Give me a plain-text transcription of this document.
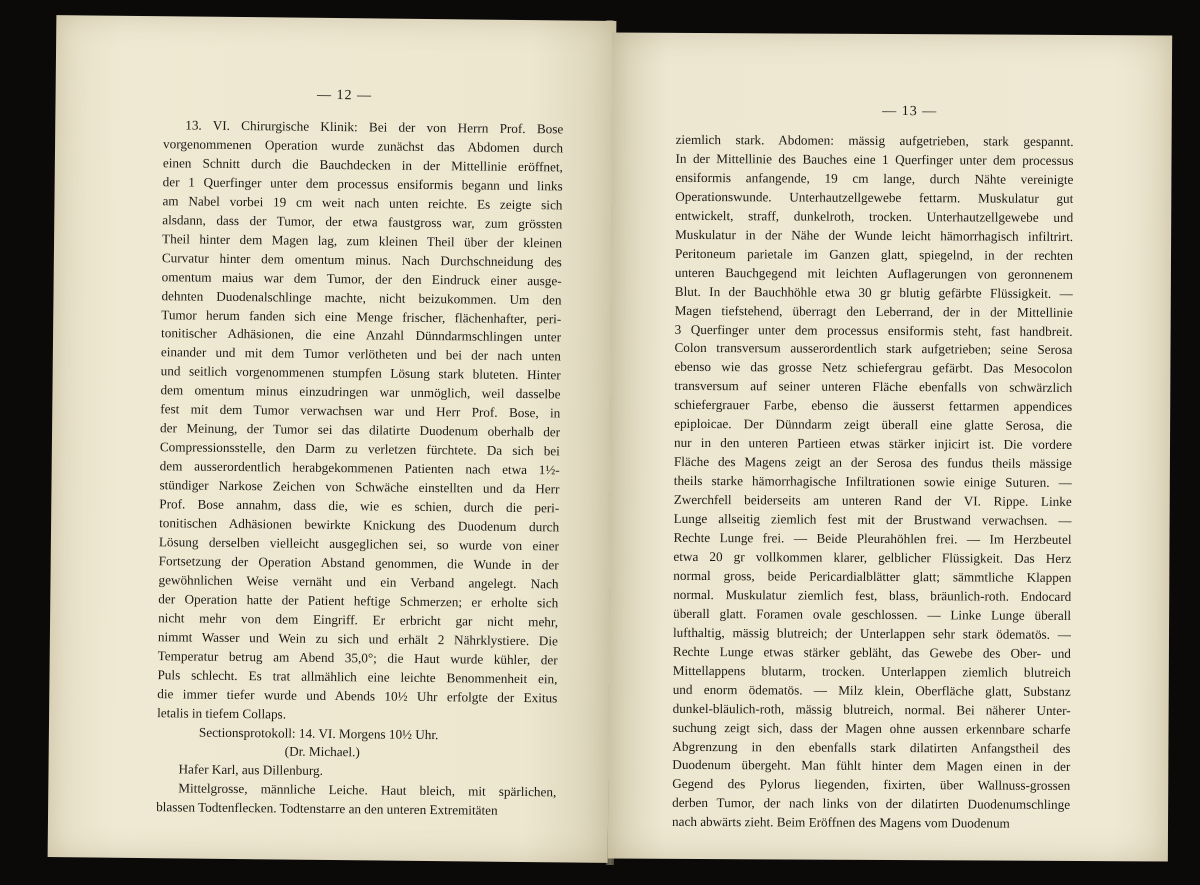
— 12 —
13. VI. Chirurgische Klinik: Bei der von Herrn Prof. Bose
vorgenommenen Operation wurde zunächst das Abdomen durch
einen Schnitt durch die Bauchdecken in der Mittellinie eröffnet,
der 1 Querfinger unter dem processus ensiformis begann und links
am Nabel vorbei 19 cm weit nach unten reichte. Es zeigte sich
alsdann, dass der Tumor, der etwa faustgross war, zum grössten
Theil hinter dem Magen lag, zum kleinen Theil über der kleinen
Curvatur hinter dem omentum minus. Nach Durchschneidung des
omentum maius war dem Tumor, der den Eindruck einer ausge-
dehnten Duodenalschlinge machte, nicht beizukommen. Um den
Tumor herum fanden sich eine Menge frischer, flächenhafter, peri-
tonitischer Adhäsionen, die eine Anzahl Dünndarmschlingen unter
einander und mit dem Tumor verlötheten und bei der nach unten
und seitlich vorgenommenen stumpfen Lösung stark bluteten. Hinter
dem omentum minus einzudringen war unmöglich, weil dasselbe
fest mit dem Tumor verwachsen war und Herr Prof. Bose, in
der Meinung, der Tumor sei das dilatirte Duodenum oberhalb der
Compressionsstelle, den Darm zu verletzen fürchtete. Da sich bei
dem ausserordentlich herabgekommenen Patienten nach etwa 1½-
stündiger Narkose Zeichen von Schwäche einstellten und da Herr
Prof. Bose annahm, dass die, wie es schien, durch die peri-
tonitischen Adhäsionen bewirkte Knickung des Duodenum durch
Lösung derselben vielleicht ausgeglichen sei, so wurde von einer
Fortsetzung der Operation Abstand genommen, die Wunde in der
gewöhnlichen Weise vernäht und ein Verband angelegt. Nach
der Operation hatte der Patient heftige Schmerzen; er erholte sich
nicht mehr von dem Eingriff. Er erbricht gar nicht mehr,
nimmt Wasser und Wein zu sich und erhält 2 Nährklystiere. Die
Temperatur betrug am Abend 35,0°; die Haut wurde kühler, der
Puls schlecht. Es trat allmählich eine leichte Benommenheit ein,
die immer tiefer wurde und Abends 10½ Uhr erfolgte der Exitus
letalis in tiefem Collaps.
Sectionsprotokoll: 14. VI. Morgens 10½ Uhr.
(Dr. Michael.)
Hafer Karl, aus Dillenburg.
Mittelgrosse, männliche Leiche. Haut bleich, mit spärlichen,
blassen Todtenflecken. Todtenstarre an den unteren Extremitäten
— 13 —
ziemlich stark. Abdomen: mässig aufgetrieben, stark gespannt.
In der Mittellinie des Bauches eine 1 Querfinger unter dem processus
ensiformis anfangende, 19 cm lange, durch Nähte vereinigte
Operationswunde. Unterhautzellgewebe fettarm. Muskulatur gut
entwickelt, straff, dunkelroth, trocken. Unterhautzellgewebe und
Muskulatur in der Nähe der Wunde leicht hämorrhagisch infiltrirt.
Peritoneum parietale im Ganzen glatt, spiegelnd, in der rechten
unteren Bauchgegend mit leichten Auflagerungen von geronnenem
Blut. In der Bauchhöhle etwa 30 gr blutig gefärbte Flüssigkeit. —
Magen tiefstehend, überragt den Leberrand, der in der Mittellinie
3 Querfinger unter dem processus ensiformis steht, fast handbreit.
Colon transversum ausserordentlich stark aufgetrieben; seine Serosa
ebenso wie das grosse Netz schiefergrau gefärbt. Das Mesocolon
transversum auf seiner unteren Fläche ebenfalls von schwärzlich
schiefergrauer Farbe, ebenso die äusserst fettarmen appendices
epiploicae. Der Dünndarm zeigt überall eine glatte Serosa, die
nur in den unteren Partieen etwas stärker injicirt ist. Die vordere
Fläche des Magens zeigt an der Serosa des fundus theils mässige
theils starke hämorrhagische Infiltrationen sowie einige Suturen. —
Zwerchfell beiderseits am unteren Rand der VI. Rippe. Linke
Lunge allseitig ziemlich fest mit der Brustwand verwachsen. —
Rechte Lunge frei. — Beide Pleurahöhlen frei. — Im Herzbeutel
etwa 20 gr vollkommen klarer, gelblicher Flüssigkeit. Das Herz
normal gross, beide Pericardialblätter glatt; sämmtliche Klappen
normal. Muskulatur ziemlich fest, blass, bräunlich-roth. Endocard
überall glatt. Foramen ovale geschlossen. — Linke Lunge überall
lufthaltig, mässig blutreich; der Unterlappen sehr stark ödematös. —
Rechte Lunge etwas stärker gebläht, das Gewebe des Ober- und
Mittellappens blutarm, trocken. Unterlappen ziemlich blutreich
und enorm ödematös. — Milz klein, Oberfläche glatt, Substanz
dunkel-bläulich-roth, mässig blutreich, normal. Bei näherer Unter-
suchung zeigt sich, dass der Magen ohne aussen erkennbare scharfe
Abgrenzung in den ebenfalls stark dilatirten Anfangstheil des
Duodenum übergeht. Man fühlt hinter dem Magen einen in der
Gegend des Pylorus liegenden, fixirten, über Wallnuss-grossen
derben Tumor, der nach links von der dilatirten Duodenumschlinge
nach abwärts zieht. Beim Eröffnen des Magens vom Duodenum
